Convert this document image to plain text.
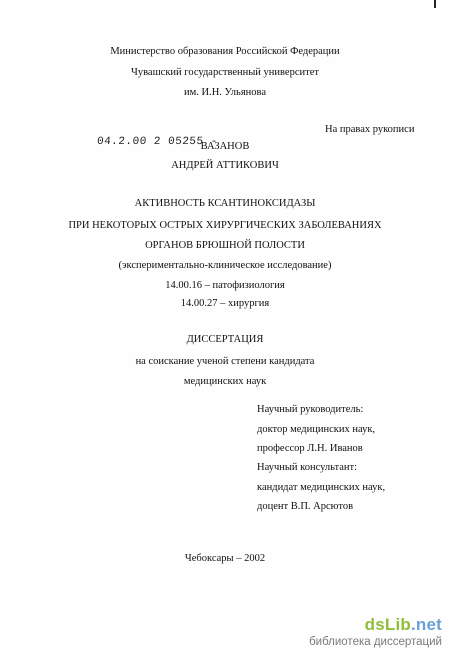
Министерство образования Российской Федерации
Чувашский государственный университет
им. И.Н. Ульянова
На правах рукописи
04.2.00 2 05255 -
ВАЗАНОВ
АНДРЕЙ АТТИКОВИЧ
АКТИВНОСТЬ КСАНТИНОКСИДАЗЫ
ПРИ НЕКОТОРЫХ ОСТРЫХ ХИРУРГИЧЕСКИХ ЗАБОЛЕВАНИЯХ
ОРГАНОВ БРЮШНОЙ ПОЛОСТИ
(экспериментально-клиническое исследование)
14.00.16 – патофизиология
14.00.27 – хирургия
ДИССЕРТАЦИЯ
на соискание ученой степени кандидата
медицинских наук
Научный руководитель:
доктор медицинских наук,
профессор Л.Н. Иванов
Научный консультант:
кандидат медицинских наук,
доцент В.П. Арсютов
Чебоксары – 2002
dsLib.net
библиотека диссертаций
